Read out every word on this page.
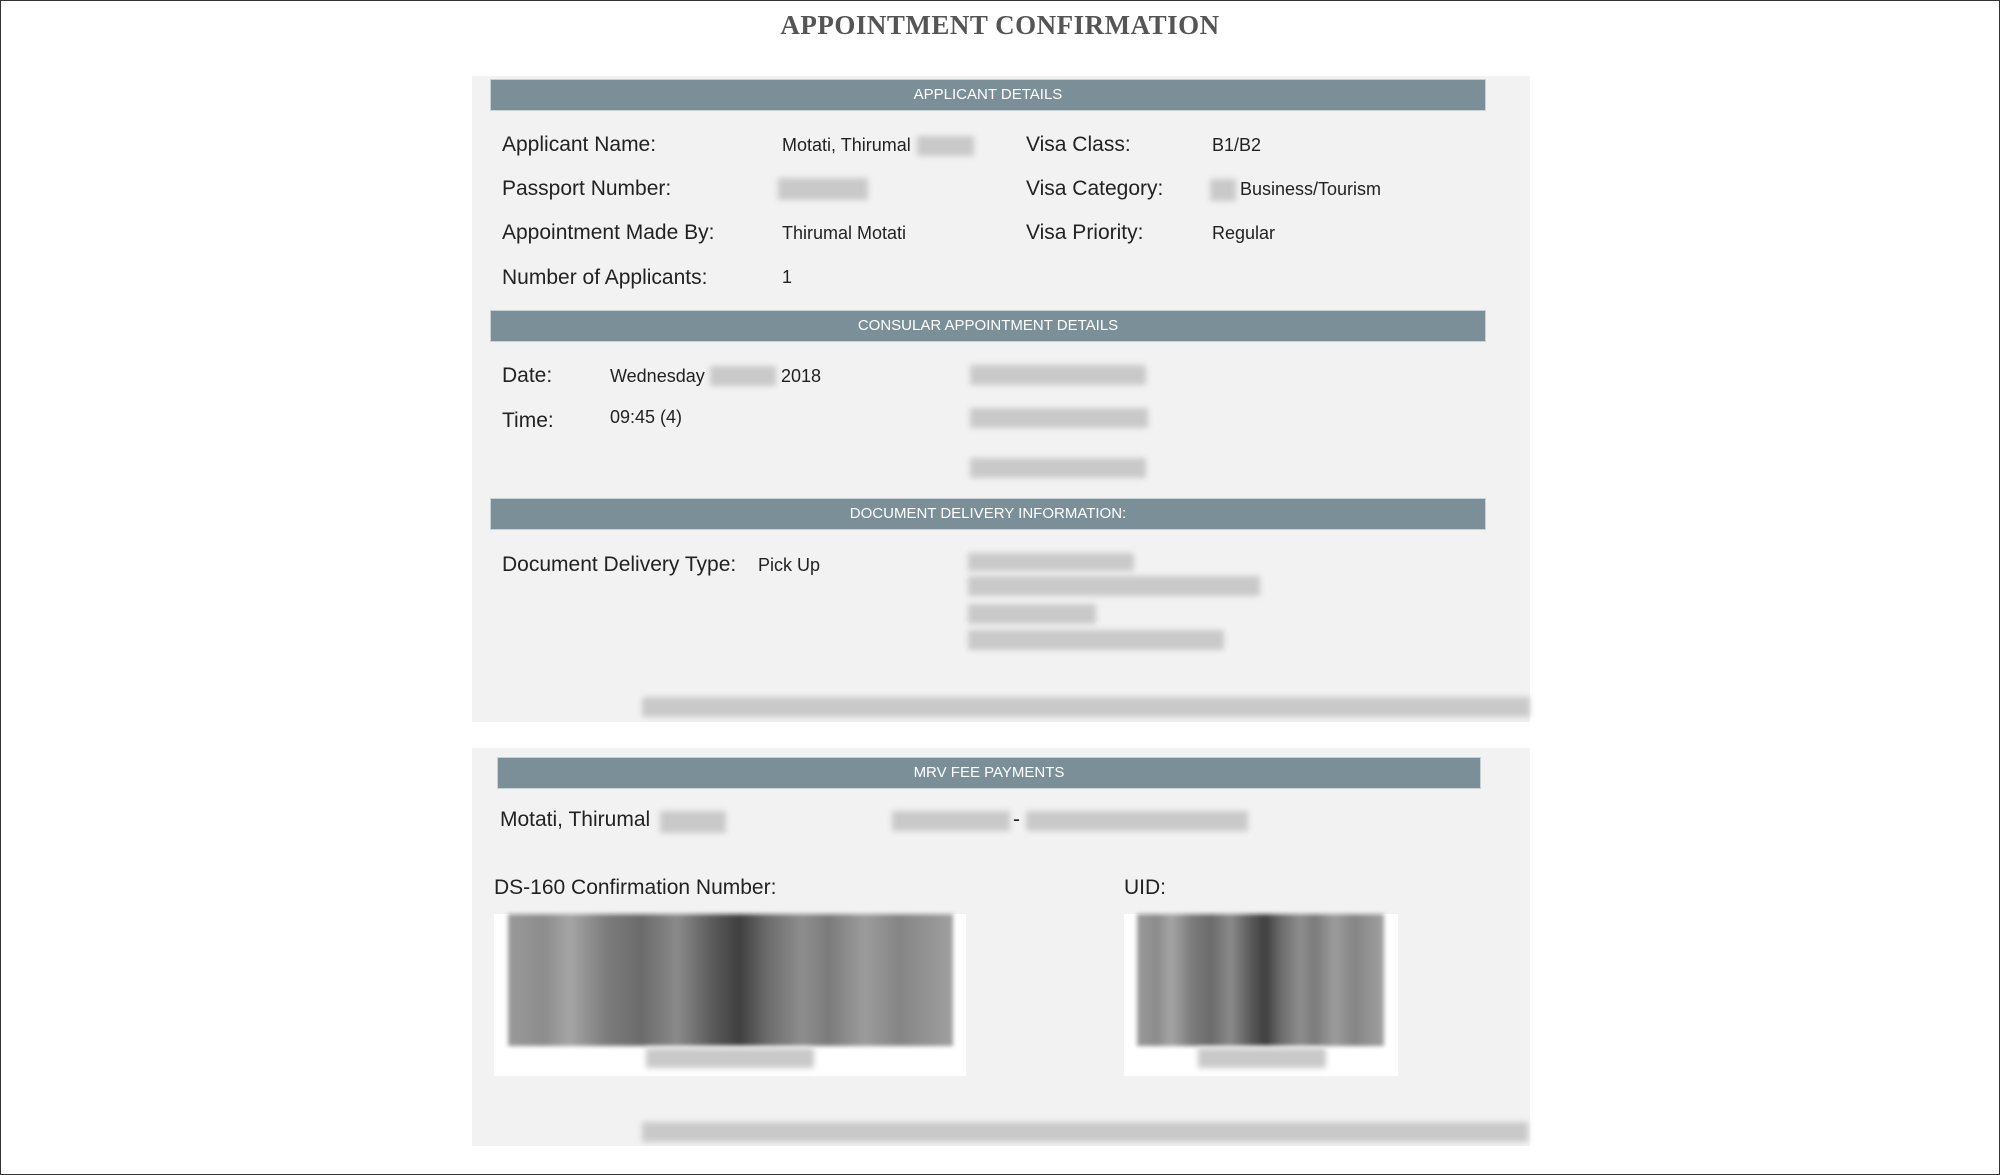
APPOINTMENT CONFIRMATION
APPLICANT DETAILS
Applicant Name:	Motati, Thirumal
Passport Number:
Appointment Made By:	Thirumal Motati
Number of Applicants:	1
Visa Class:	B1/B2
Visa Category:	Business/Tourism
Visa Priority:	Regular
CONSULAR APPOINTMENT DETAILS
Date:	Wednesday	2018
Time:	09:45 (4)
DOCUMENT DELIVERY INFORMATION:
Document Delivery Type: Pick Up
MRV FEE PAYMENTS
Motati, Thirumal	-
DS-160 Confirmation Number:	UID:
